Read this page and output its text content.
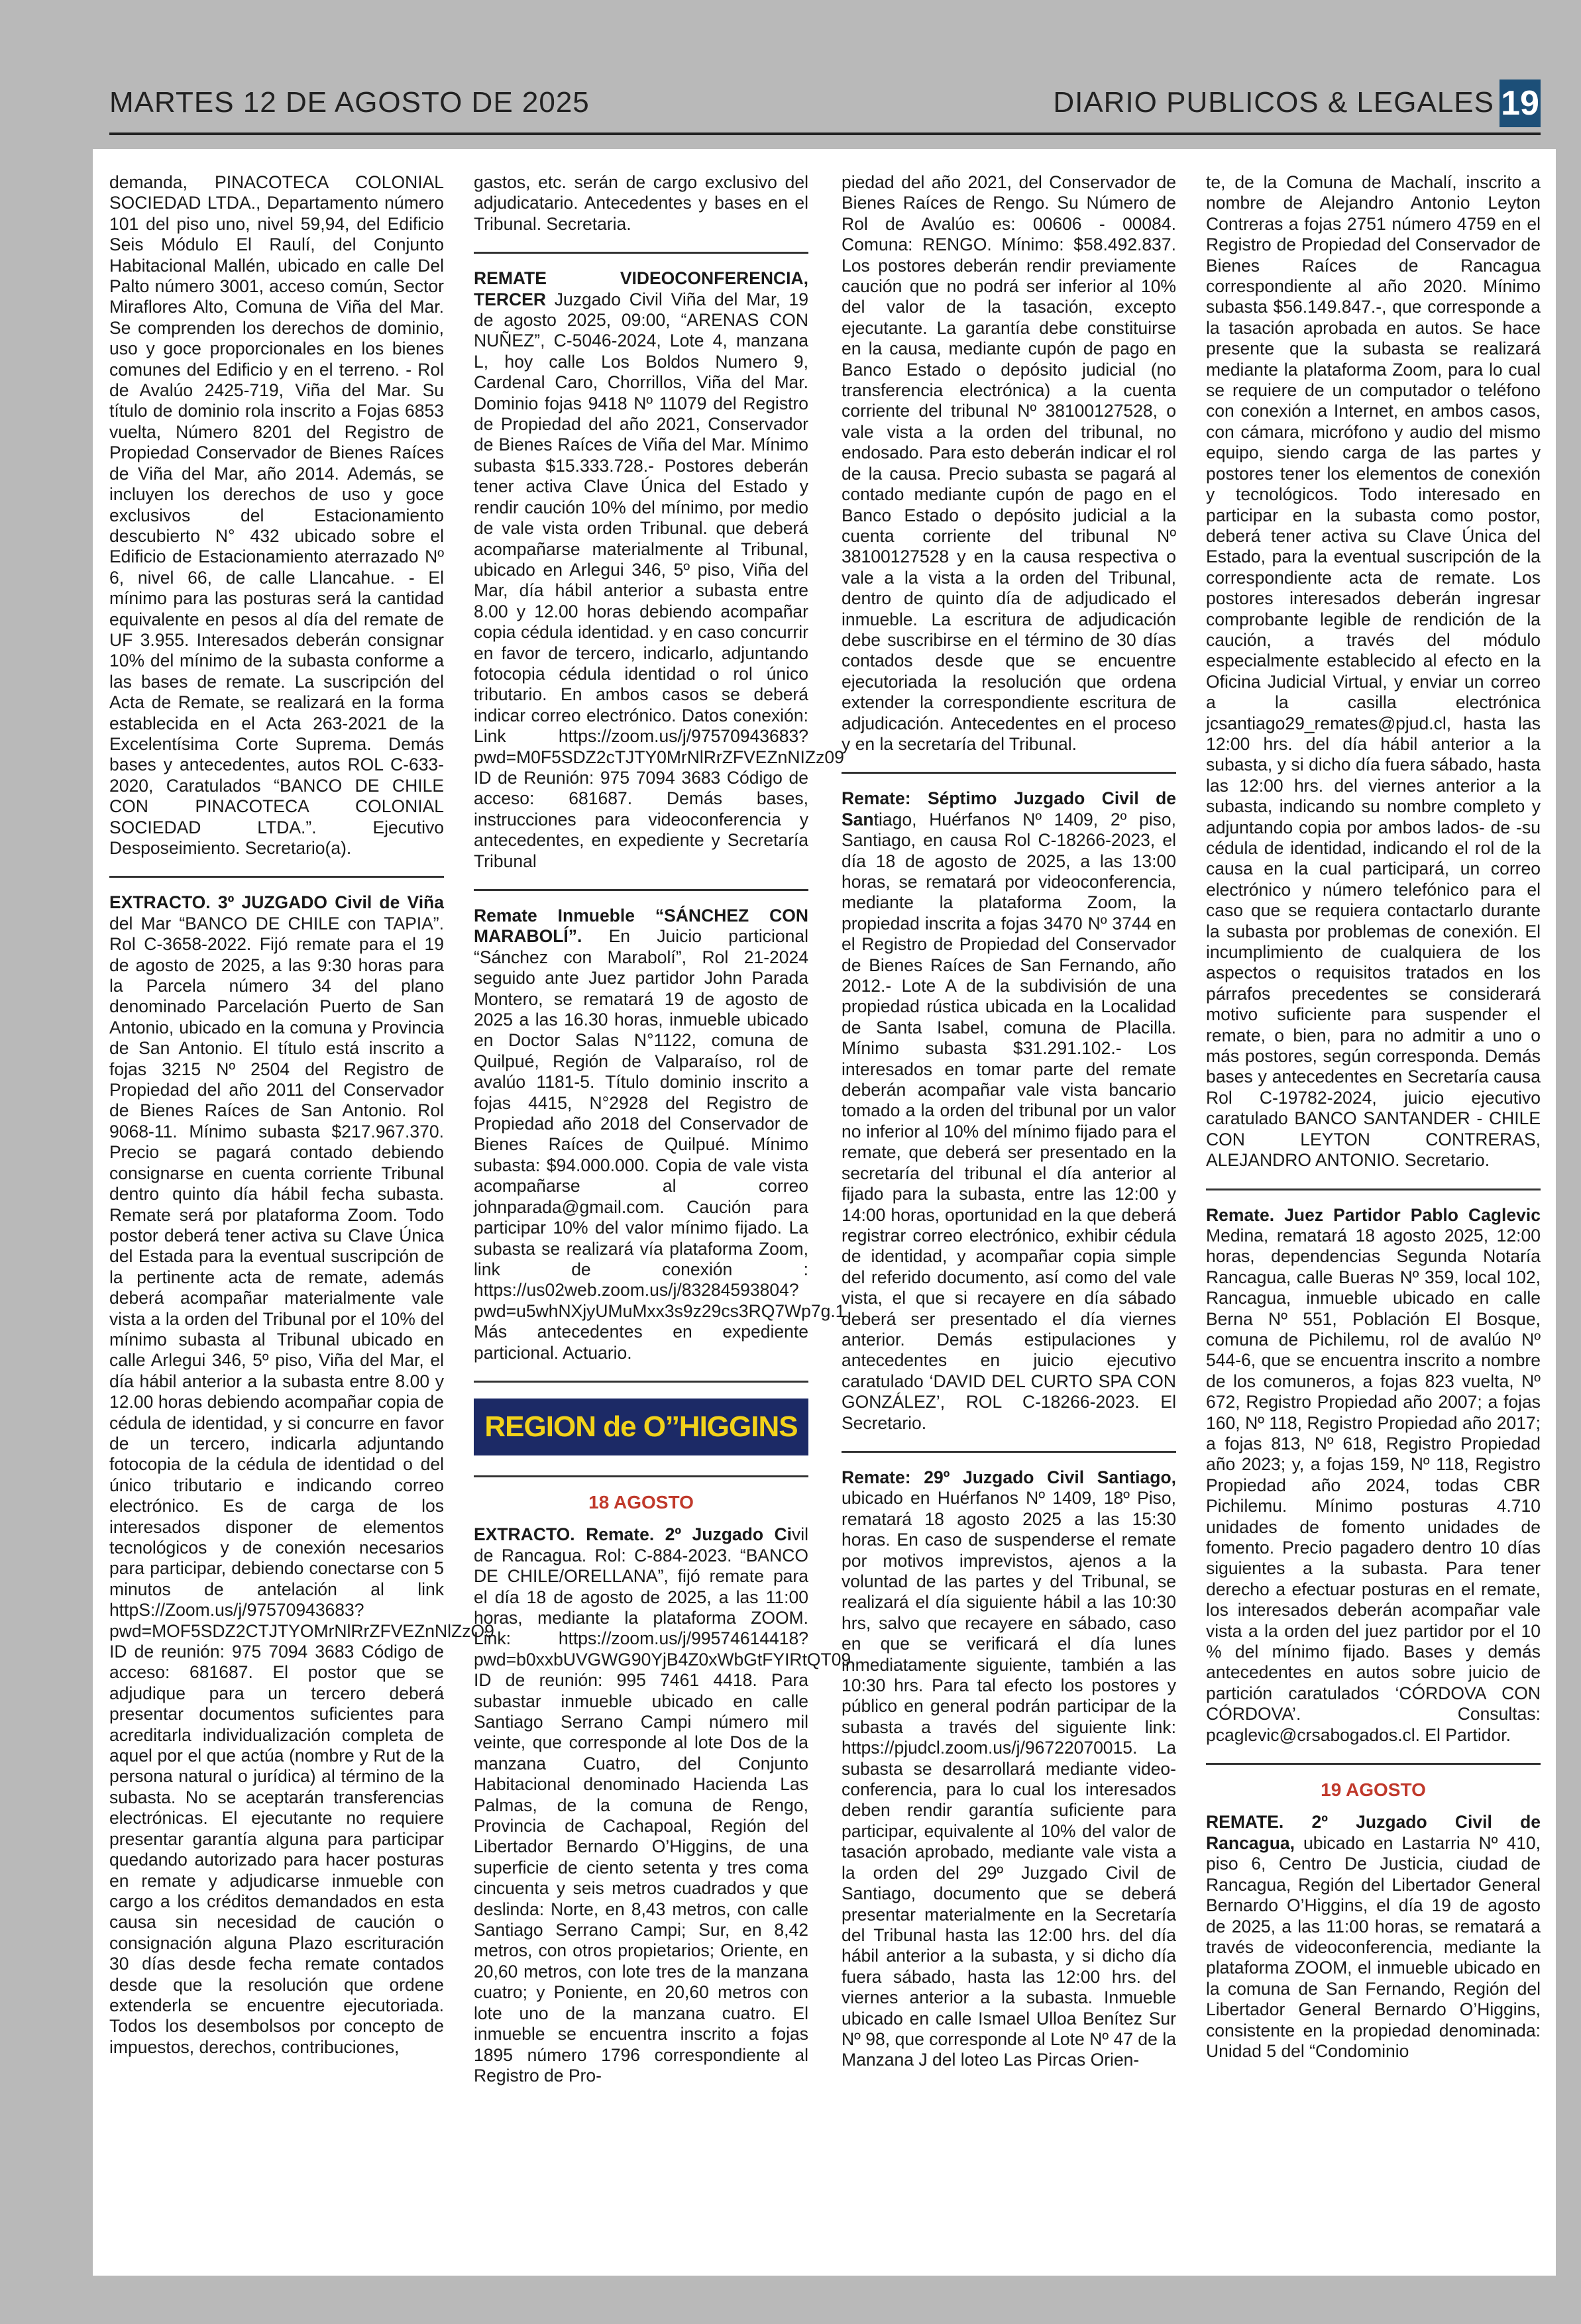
MARTES 12 DE AGOSTO DE 2025	DIARIO PUBLICOS & LEGALES 19

demanda, PINACOTECA COLONIAL SOCIEDAD LTDA., Departamento número 101 del piso uno, nivel 59,94, del Edificio Seis Módulo El Raulí, del Conjunto Habitacional Mallén, ubicado en calle Del Palto número 3001, acceso común, Sector Miraflores Alto, Comuna de Viña del Mar. Se comprenden los derechos de dominio, uso y goce proporcionales en los bienes comunes del Edificio y en el terreno. - Rol de Avalúo 2425-719, Viña del Mar. Su título de dominio rola inscrito a Fojas 6853 vuelta, Número 8201 del Registro de Propiedad Conservador de Bienes Raíces de Viña del Mar, año 2014. Además, se incluyen los derechos de uso y goce exclusivos del Estacionamiento descubierto N° 432 ubicado sobre el Edificio de Estacionamiento aterrazado Nº 6, nivel 66, de calle Llancahue. - El mínimo para las posturas será la cantidad equivalente en pesos al día del remate de UF 3.955. Interesados deberán consignar 10% del mínimo de la subasta conforme a las bases de remate. La suscripción del Acta de Remate, se realizará en la forma establecida en el Acta 263-2021 de la Excelentísima Corte Suprema. Demás bases y antecedentes, autos ROL C-633-2020, Caratulados “BANCO DE CHILE CON PINACOTECA COLONIAL SOCIEDAD LTDA.”. Ejecutivo Desposeimiento. Secretario(a).

EXTRACTO. 3º JUZGADO Civil de Viña del Mar “BANCO DE CHILE con TAPIA”. Rol C-3658-2022. Fijó remate para el 19 de agosto de 2025, a las 9:30 horas para la Parcela número 34 del plano denominado Parcelación Puerto de San Antonio, ubicado en la comuna y Provincia de San Antonio. El título está inscrito a fojas 3215 Nº 2504 del Registro de Propiedad del año 2011 del Conservador de Bienes Raíces de San Antonio. Rol 9068-11. Mínimo subasta $217.967.370. Precio se pagará contado debiendo consignarse en cuenta corriente Tribunal dentro quinto día hábil fecha subasta. Remate será por plataforma Zoom. Todo postor deberá tener activa su Clave Única del Estada para la eventual suscripción de la pertinente acta de remate, además deberá acompañar materialmente vale vista a la orden del Tribunal por el 10% del mínimo subasta al Tribunal ubicado en calle Arlegui 346, 5º piso, Viña del Mar, el día hábil anterior a la subasta entre 8.00 y 12.00 horas debiendo acompañar copia de cédula de identidad, y si concurre en favor de un tercero, indicarla adjuntando fotocopia de la cédula de identidad o del único tributario e indicando correo electrónico. Es de carga de los interesados disponer de elementos tecnológicos y de conexión necesarios para participar, debiendo conectarse con 5 minutos de antelación al link httpS://Zoom.us/j/97570943683?pwd=MOF5SDZ2CTJTYOMrNlRrZFVEZnNlZzO9 ID de reunión: 975 7094 3683 Código de acceso: 681687. El postor que se adjudique para un tercero deberá presentar documentos suficientes para acreditarla individualización completa de aquel por el que actúa (nombre y Rut de la persona natural o jurídica) al término de la subasta. No se aceptarán transferencias electrónicas. El ejecutante no requiere presentar garantía alguna para participar quedando autorizado para hacer posturas en remate y adjudicarse inmueble con cargo a los créditos demandados en esta causa sin necesidad de caución o consignación alguna Plazo escrituración 30 días desde fecha remate contados desde que la resolución que ordene extenderla se encuentre ejecutoriada. Todos los desembolsos por concepto de impuestos, derechos, contribuciones,

gastos, etc. serán de cargo exclusivo del adjudicatario. Antecedentes y bases en el Tribunal. Secretaria.

REMATE VIDEOCONFERENCIA, TERCER Juzgado Civil Viña del Mar, 19 de agosto 2025, 09:00, “ARENAS CON NUÑEZ”, C-5046-2024, Lote 4, manzana L, hoy calle Los Boldos Numero 9, Cardenal Caro, Chorrillos, Viña del Mar. Dominio fojas 9418 Nº 11079 del Registro de Propiedad del año 2021, Conservador de Bienes Raíces de Viña del Mar. Mínimo subasta $15.333.728.- Postores deberán tener activa Clave Única del Estado y rendir caución 10% del mínimo, por medio de vale vista orden Tribunal. que deberá acompañarse materialmente al Tribunal, ubicado en Arlegui 346, 5º piso, Viña del Mar, día hábil anterior a subasta entre 8.00 y 12.00 horas debiendo acompañar copia cédula identidad. y en caso concurrir en favor de tercero, indicarlo, adjuntando fotocopia cédula identidad o rol único tributario. En ambos casos se deberá indicar correo electrónico. Datos conexión: Link https://zoom.us/j/97570943683?pwd=M0F5SDZ2cTJTY0MrNlRrZFVEZnNIZz09 ID de Reunión: 975 7094 3683 Código de acceso: 681687. Demás bases, instrucciones para videoconferencia y antecedentes, en expediente y Secretaría Tribunal

Remate Inmueble “SÁNCHEZ CON MARABOLÍ”. En Juicio particional “Sánchez con Marabolí”, Rol 21-2024 seguido ante Juez partidor John Parada Montero, se rematará 19 de agosto de 2025 a las 16.30 horas, inmueble ubicado en Doctor Salas N°1122, comuna de Quilpué, Región de Valparaíso, rol de avalúo 1181-5. Título dominio inscrito a fojas 4415, N°2928 del Registro de Propiedad año 2018 del Conservador de Bienes Raíces de Quilpué. Mínimo subasta: $94.000.000. Copia de vale vista acompañarse al correo johnparada@gmail.com. Caución para participar 10% del valor mínimo fijado. La subasta se realizará vía plataforma Zoom, link de conexión : https://us02web.zoom.us/j/83284593804?pwd=u5whNXjyUMuMxx3s9z29cs3RQ7Wp7g.1 Más antecedentes en expediente particional. Actuario.

REGION de O’’HIGGINS
18 AGOSTO

EXTRACTO. Remate. 2º Juzgado Civil de Rancagua. Rol: C-884-2023. “BANCO DE CHILE/ORELLANA”, fijó remate para el día 18 de agosto de 2025, a las 11:00 horas, mediante la plataforma ZOOM. Link: https://zoom.us/j/99574614418?pwd=b0xxbUVGWG90YjB4Z0xWbGtFYIRtQT09, ID de reunión: 995 7461 4418. Para subastar inmueble ubicado en calle Santiago Serrano Campi número mil veinte, que corresponde al lote Dos de la manzana Cuatro, del Conjunto Habitacional denominado Hacienda Las Palmas, de la comuna de Rengo, Provincia de Cachapoal, Región del Libertador Bernardo O’Higgins, de una superficie de ciento setenta y tres coma cincuenta y seis metros cuadrados y que deslinda: Norte, en 8,43 metros, con calle Santiago Serrano Campi; Sur, en 8,42 metros, con otros propietarios; Oriente, en 20,60 metros, con lote tres de la manzana cuatro; y Poniente, en 20,60 metros con lote uno de la manzana cuatro. El inmueble se encuentra inscrito a fojas 1895 número 1796 correspondiente al Registro de Pro-

piedad del año 2021, del Conservador de Bienes Raíces de Rengo. Su Número de Rol de Avalúo es: 00606 - 00084. Comuna: RENGO. Mínimo: $58.492.837. Los postores deberán rendir previamente caución que no podrá ser inferior al 10% del valor de la tasación, excepto ejecutante. La garantía debe constituirse en la causa, mediante cupón de pago en Banco Estado o depósito judicial (no transferencia electrónica) a la cuenta corriente del tribunal Nº 38100127528, o vale vista a la orden del tribunal, no endosado. Para esto deberán indicar el rol de la causa. Precio subasta se pagará al contado mediante cupón de pago en el Banco Estado o depósito judicial a la cuenta corriente del tribunal Nº 38100127528 y en la causa respectiva o vale a la vista a la orden del Tribunal, dentro de quinto día de adjudicado el inmueble. La escritura de adjudicación debe suscribirse en el término de 30 días contados desde que se encuentre ejecutoriada la resolución que ordena extender la correspondiente escritura de adjudicación. Antecedentes en el proceso y en la secretaría del Tribunal.

Remate: Séptimo Juzgado Civil de Santiago, Huérfanos Nº 1409, 2º piso, Santiago, en causa Rol C-18266-2023, el día 18 de agosto de 2025, a las 13:00 horas, se rematará por videoconferencia, mediante la plataforma Zoom, la propiedad inscrita a fojas 3470 Nº 3744 en el Registro de Propiedad del Conservador de Bienes Raíces de San Fernando, año 2012.- Lote A de la subdivisión de una propiedad rústica ubicada en la Localidad de Santa Isabel, comuna de Placilla. Mínimo subasta $31.291.102.- Los interesados en tomar parte del remate deberán acompañar vale vista bancario tomado a la orden del tribunal por un valor no inferior al 10% del mínimo fijado para el remate, que deberá ser presentado en la secretaría del tribunal el día anterior al fijado para la subasta, entre las 12:00 y 14:00 horas, oportunidad en la que deberá registrar correo electrónico, exhibir cédula de identidad, y acompañar copia simple del referido documento, así como del vale vista, el que si recayere en día sábado deberá ser presentado el día viernes anterior. Demás estipulaciones y antecedentes en juicio ejecutivo caratulado ‘DAVID DEL CURTO SPA CON GONZÁLEZ’, ROL C-18266-2023. El Secretario.

Remate: 29º Juzgado Civil Santiago, ubicado en Huérfanos Nº 1409, 18º Piso, rematará 18 agosto 2025 a las 15:30 horas. En caso de suspenderse el remate por motivos imprevistos, ajenos a la voluntad de las partes y del Tribunal, se realizará el día siguiente hábil a las 10:30 hrs, salvo que recayere en sábado, caso en que se verificará el día lunes inmediatamente siguiente, también a las 10:30 hrs. Para tal efecto los postores y público en general podrán participar de la subasta a través del siguiente link: https://pjudcl.zoom.us/j/96722070015. La subasta se desarrollará mediante video-conferencia, para lo cual los interesados deben rendir garantía suficiente para participar, equivalente al 10% del valor de tasación aprobado, mediante vale vista a la orden del 29º Juzgado Civil de Santiago, documento que se deberá presentar materialmente en la Secretaría del Tribunal hasta las 12:00 hrs. del día hábil anterior a la subasta, y si dicho día fuera sábado, hasta las 12:00 hrs. del viernes anterior a la subasta. Inmueble ubicado en calle Ismael Ulloa Benítez Sur Nº 98, que corresponde al Lote Nº 47 de la Manzana J del loteo Las Pircas Orien-

te, de la Comuna de Machalí, inscrito a nombre de Alejandro Antonio Leyton Contreras a fojas 2751 número 4759 en el Registro de Propiedad del Conservador de Bienes Raíces de Rancagua correspondiente al año 2020. Mínimo subasta $56.149.847.-, que corresponde a la tasación aprobada en autos. Se hace presente que la subasta se realizará mediante la plataforma Zoom, para lo cual se requiere de un computador o teléfono con conexión a Internet, en ambos casos, con cámara, micrófono y audio del mismo equipo, siendo carga de las partes y postores tener los elementos de conexión y tecnológicos. Todo interesado en participar en la subasta como postor, deberá tener activa su Clave Única del Estado, para la eventual suscripción de la correspondiente acta de remate. Los postores interesados deberán ingresar comprobante legible de rendición de la caución, a través del módulo especialmente establecido al efecto en la Oficina Judicial Virtual, y enviar un correo a la casilla electrónica jcsantiago29_remates@pjud.cl, hasta las 12:00 hrs. del día hábil anterior a la subasta, y si dicho día fuera sábado, hasta las 12:00 hrs. del viernes anterior a la subasta, indicando su nombre completo y adjuntando copia por ambos lados- de -su cédula de identidad, indicando el rol de la causa en la cual participará, un correo electrónico y número telefónico para el caso que se requiera contactarlo durante la subasta por problemas de conexión. El incumplimiento de cualquiera de los aspectos o requisitos tratados en los párrafos precedentes se considerará motivo suficiente para suspender el remate, o bien, para no admitir a uno o más postores, según corresponda. Demás bases y antecedentes en Secretaría causa Rol C-19782-2024, juicio ejecutivo caratulado BANCO SANTANDER - CHILE CON LEYTON CONTRERAS, ALEJANDRO ANTONIO. Secretario.

Remate. Juez Partidor Pablo Caglevic Medina, rematará 18 agosto 2025, 12:00 horas, dependencias Segunda Notaría Rancagua, calle Bueras Nº 359, local 102, Rancagua, inmueble ubicado en calle Berna Nº 551, Población El Bosque, comuna de Pichilemu, rol de avalúo Nº 544-6, que se encuentra inscrito a nombre de los comuneros, a fojas 823 vuelta, Nº 672, Registro Propiedad año 2007; a fojas 160, Nº 118, Registro Propiedad año 2017; a fojas 813, Nº 618, Registro Propiedad año 2023; y, a fojas 159, Nº 118, Registro Propiedad año 2024, todas CBR Pichilemu. Mínimo posturas 4.710 unidades de fomento unidades de fomento. Precio pagadero dentro 10 días siguientes a la subasta. Para tener derecho a efectuar posturas en el remate, los interesados deberán acompañar vale vista a la orden del juez partidor por el 10 % del mínimo fijado. Bases y demás antecedentes en autos sobre juicio de partición caratulados ‘CÓRDOVA CON CÓRDOVA’. Consultas: pcaglevic@crsabogados.cl. El Partidor.

19 AGOSTO

REMATE. 2º Juzgado Civil de Rancagua, ubicado en Lastarria Nº 410, piso 6, Centro De Justicia, ciudad de Rancagua, Región del Libertador General Bernardo O’Higgins, el día 19 de agosto de 2025, a las 11:00 horas, se rematará a través de videoconferencia, mediante la plataforma ZOOM, el inmueble ubicado en la comuna de San Fernando, Región del Libertador General Bernardo O’Higgins, consistente en la propiedad denominada: Unidad 5 del “Condominio
